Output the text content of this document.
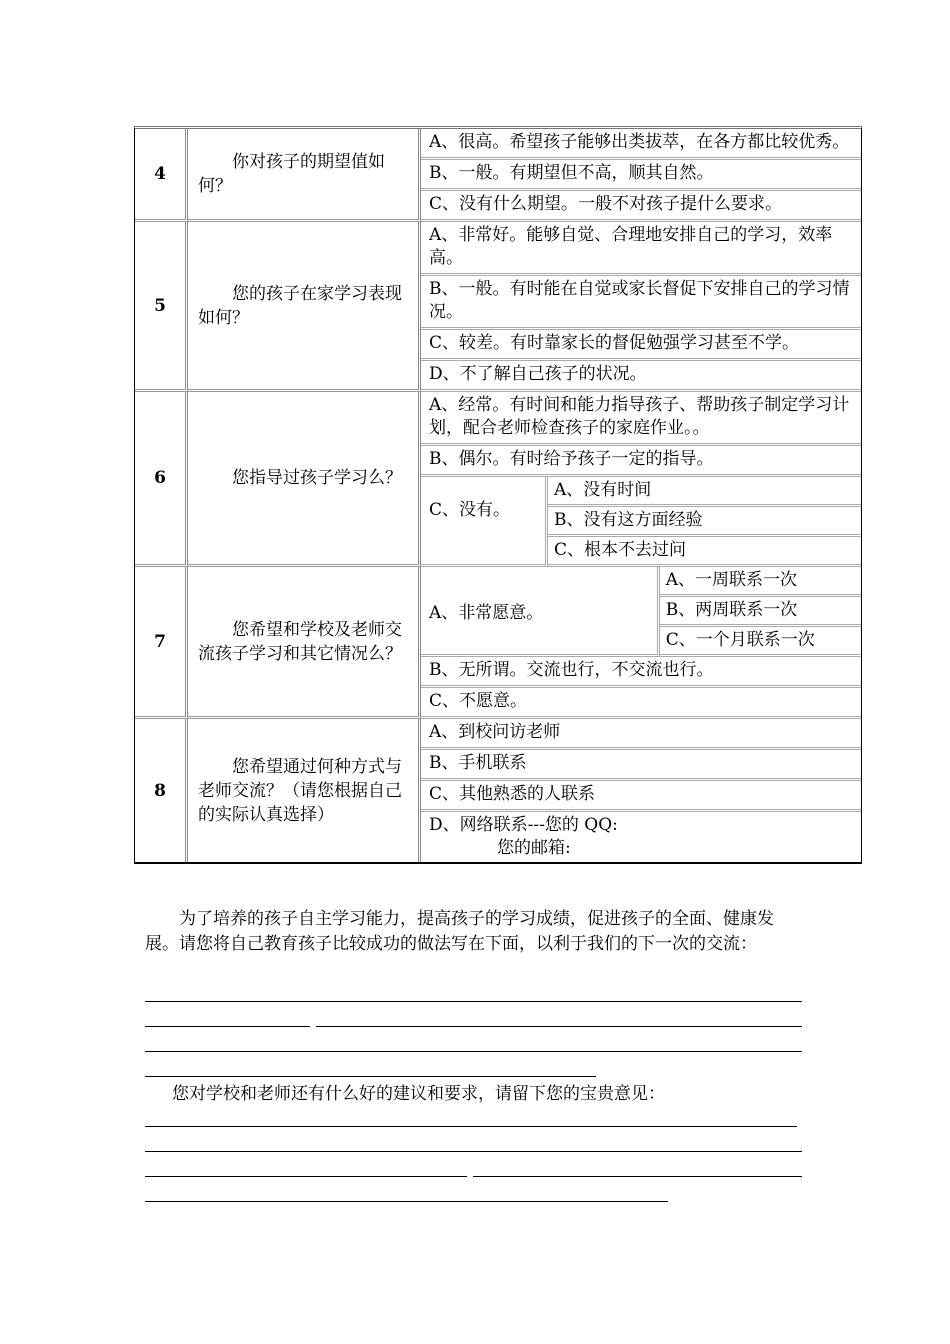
4	你对孩子的期望值如何？	A、很高。希望孩子能够出类拔萃，在各方都比较优秀。		
		B、一般。有期望但不高，顺其自然。		
		C、没有什么期望。一般不对孩子提什么要求。		
5	您的孩子在家学习表现如何？	A、非常好。能够自觉、合理地安排自己的学习，效率高。		
		B、一般。有时能在自觉或家长督促下安排自己的学习情况。		
		C、较差。有时靠家长的督促勉强学习甚至不学。		
		D、不了解自己孩子的状况。		
6	您指导过孩子学习么？	A、经常。有时间和能力指导孩子、帮助孩子制定学习计划，配合老师检查孩子的家庭作业。。		
		B、偶尔。有时给予孩子一定的指导。		
		C、没有。	A、没有时间	
			B、没有这方面经验	
			C、根本不去过问	
7	您希望和学校及老师交流孩子学习和其它情况么？	A、非常愿意。		A、一周联系一次
				B、两周联系一次
				C、一个月联系一次
		B、无所谓。交流也行，不交流也行。		
		C、不愿意。		
8	您希望通过何种方式与老师交流？（请您根据自己的实际认真选择）	A、到校问访老师		
		B、手机联系		
		C、其他熟悉的人联系		

		D、网络联系---您的 QQ:
您的邮箱:		

为了培养的孩子自主学习能力，提高孩子的学习成绩，促进孩子的全面、健康发展。请您将自己教育孩子比较成功的做法写在下面，以利于我们的下一次的交流：

您对学校和老师还有什么好的建议和要求，请留下您的宝贵意见：
